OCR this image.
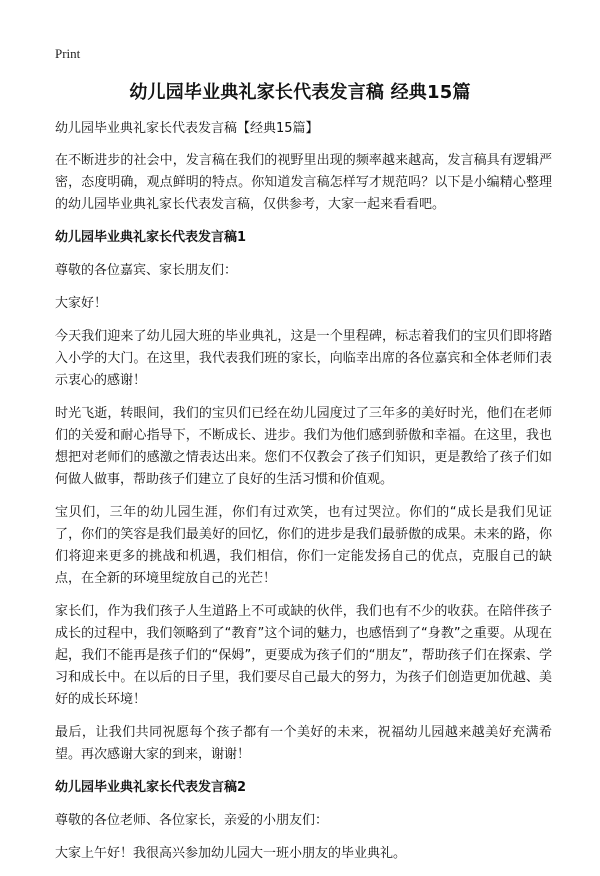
Print
幼儿园毕业典礼家长代表发言稿 经典15篇

幼儿园毕业典礼家长代表发言稿【经典15篇】

在不断进步的社会中，发言稿在我们的视野里出现的频率越来越高，发言稿具有逻辑严密，态度明确，观点鲜明的特点。你知道发言稿怎样写才规范吗？以下是小编精心整理的幼儿园毕业典礼家长代表发言稿，仅供参考，大家一起来看看吧。

幼儿园毕业典礼家长代表发言稿1

尊敬的各位嘉宾、家长朋友们：

大家好！

今天我们迎来了幼儿园大班的毕业典礼，这是一个里程碑，标志着我们的宝贝们即将踏入小学的大门。在这里，我代表我们班的家长，向临幸出席的各位嘉宾和全体老师们表示衷心的感谢！

时光飞逝，转眼间，我们的宝贝们已经在幼儿园度过了三年多的美好时光，他们在老师们的关爱和耐心指导下，不断成长、进步。我们为他们感到骄傲和幸福。在这里，我也想把对老师们的感激之情表达出来。您们不仅教会了孩子们知识，更是教给了孩子们如何做人做事，帮助孩子们建立了良好的生活习惯和价值观。

宝贝们，三年的幼儿园生涯，你们有过欢笑，也有过哭泣。你们的“成长是我们见证了，你们的笑容是我们最美好的回忆，你们的进步是我们最骄傲的成果。未来的路，你们将迎来更多的挑战和机遇，我们相信，你们一定能发扬自己的优点，克服自己的缺点，在全新的环境里绽放自己的光芒！

家长们，作为我们孩子人生道路上不可或缺的伙伴，我们也有不少的收获。在陪伴孩子成长的过程中，我们领略到了“教育”这个词的魅力，也感悟到了“身教”之重要。从现在起，我们不能再是孩子们的“保姆”，更要成为孩子们的“朋友”，帮助孩子们在探索、学习和成长中。在以后的日子里，我们要尽自己最大的努力，为孩子们创造更加优越、美好的成长环境！

最后，让我们共同祝愿每个孩子都有一个美好的未来，祝福幼儿园越来越美好充满希望。再次感谢大家的到来，谢谢！

幼儿园毕业典礼家长代表发言稿2

尊敬的各位老师、各位家长，亲爱的小朋友们：

大家上午好！我很高兴参加幼儿园大一班小朋友的毕业典礼。
